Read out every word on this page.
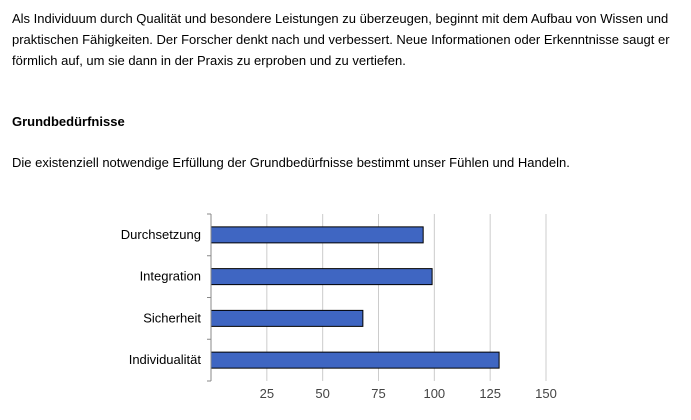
Als Individuum durch Qualität und besondere Leistungen zu überzeugen, beginnt mit dem Aufbau von Wissen und praktischen Fähigkeiten. Der Forscher denkt nach und verbessert. Neue Informationen oder Erkenntnisse saugt er förmlich auf, um sie dann in der Praxis zu erproben und zu vertiefen.

Grundbedürfnisse

Die existenziell notwendige Erfüllung der Grundbedürfnisse bestimmt unser Fühlen und Handeln.

Durchsetzung
Integration
Sicherheit
Individualität
25	50	75	100	125	150
